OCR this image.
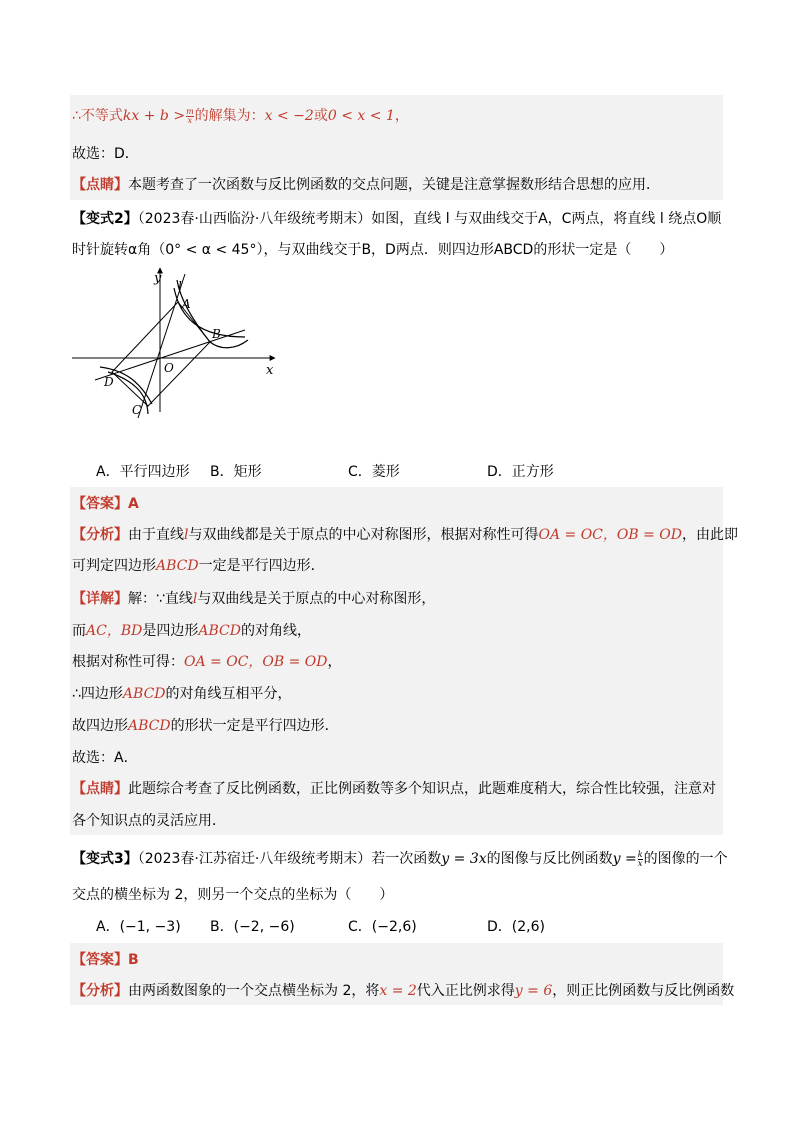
∴不等式kx + $b > \frac{m}{x}$ 的解集为：x < −2或0 < x < 1，
故选：D．
【点睛】本题考查了一次函数与反比例函数的交点问题，关键是注意掌握数形结合思想的应用．
【变式2】（2023春·山西临汾·八年级统考期末）如图，直线 l 与双曲线交于A，C两点，将直线 l 绕点O顺
时针旋转α角（0° < α < 45°），与双曲线交于B，D两点．则四边形ABCD的形状一定是（　　）
y
x
l
A
B
O
D
C
A．平行四边形 B．矩形	C．菱形	D．正方形
【答案】A
【分析】由于直线l与双曲线都是关于原点的中心对称图形，根据对称性可得OA = OC，OB = OD，由此即
可判定四边形ABCD一定是平行四边形．
【详解】解：∵直线l与双曲线是关于原点的中心对称图形，
而AC，BD是四边形ABCD的对角线，
根据对称性可得：OA = OC，OB = OD，
∴四边形ABCD的对角线互相平分，
故四边形ABCD的形状一定是平行四边形．
故选：A．
【点睛】此题综合考查了反比例函数，正比例函数等多个知识点，此题难度稍大，综合性比较强，注意对
各个知识点的灵活应用．
【变式3】（2023春·江苏宿迁·八年级统考期末）若一次函数y = 3x的图像与反比例函数$y = \frac{k}{x}$ 的图像的一个
交点的横坐标为 2，则另一个交点的坐标为（　　）
A．(−1, −3) B．(−2, −6)	C．(−2,6)	D．(2,6)
【答案】B
【分析】由两函数图象的一个交点横坐标为 2，将x = 2代入正比例求得y = 6，则正比例函数与反比例函数
